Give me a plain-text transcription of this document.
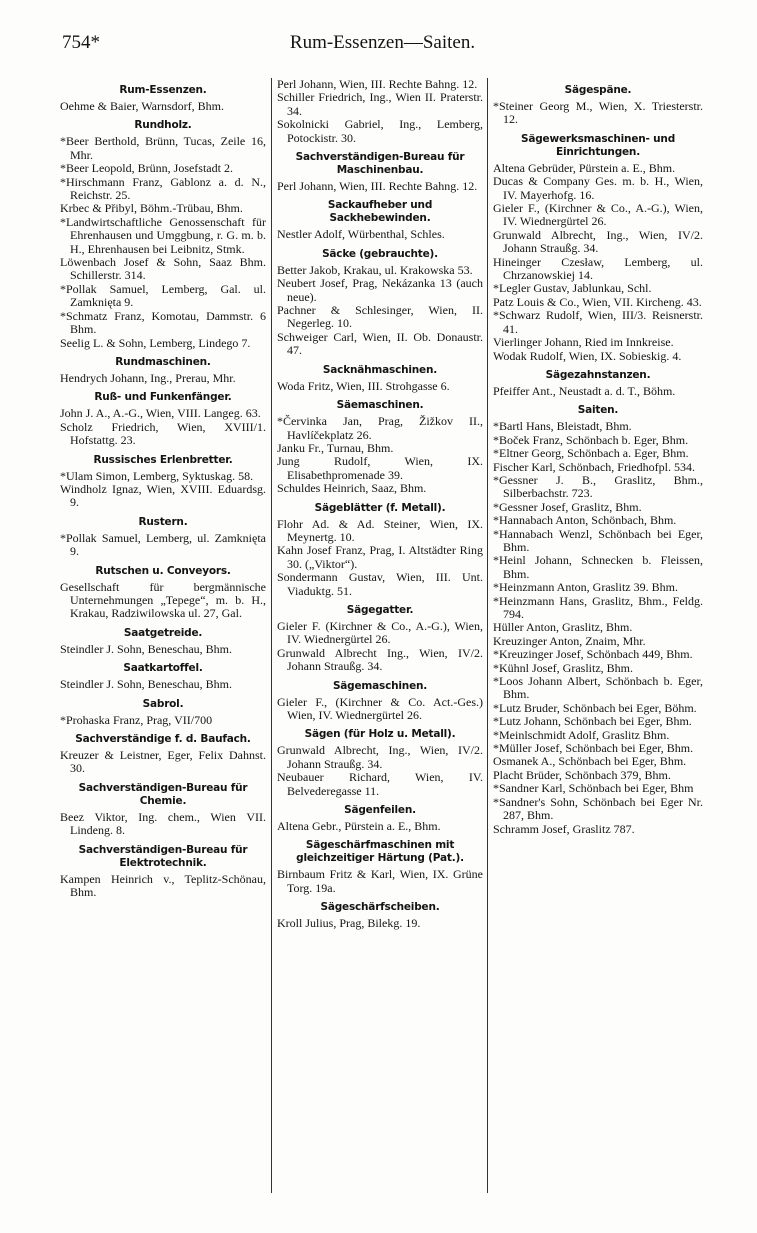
754*	Rum-Essenzen—Saiten.
Rum-Essenzen.
Oehme & Baier, Warnsdorf, Bhm.
Rundholz.
*Beer Berthold, Brünn, Tucas, Zeile 16, Mhr.
*Beer Leopold, Brünn, Josefstadt 2.
*Hirschmann Franz, Gablonz a. d. N., Reichstr. 25.
Krbec & Přibyl, Böhm.-Trübau, Bhm.
*Landwirtschaftliche Genossenschaft für Ehrenhausen und Umggbung, r. G. m. b. H., Ehrenhausen bei Leibnitz, Stmk.
Löwenbach Josef & Sohn, Saaz Bhm. Schillerstr. 314.
*Pollak Samuel, Lemberg, Gal. ul. Zamknięta 9.
*Schmatz Franz, Komotau, Dammstr. 6 Bhm.
Seelig L. & Sohn, Lemberg, Lindego 7.
Rundmaschinen.
Hendrych Johann, Ing., Prerau, Mhr.
Ruß- und Funkenfänger.
John J. A., A.-G., Wien, VIII. Langeg. 63.
Scholz Friedrich, Wien, XVIII/1. Hofstattg. 23.
Russisches Erlenbretter.
*Ulam Simon, Lemberg, Syktuskag. 58.
Windholz Ignaz, Wien, XVIII. Eduardsg. 9.
Rustern.
*Pollak Samuel, Lemberg, ul. Zamknięta 9.
Rutschen u. Conveyors.
Gesellschaft für bergmännische Unternehmungen „Tepege“, m. b. H., Krakau, Radziwilowska ul. 27, Gal.
Saatgetreide.
Steindler J. Sohn, Beneschau, Bhm.
Saatkartoffel.
Steindler J. Sohn, Beneschau, Bhm.
Sabrol.
*Prohaska Franz, Prag, VII/700
Sachverständige f. d. Baufach.
Kreuzer & Leistner, Eger, Felix Dahnst. 30.
Sachverständigen-Bureau für Chemie.
Beez Viktor, Ing. chem., Wien VII. Lindeng. 8.
Sachverständigen-Bureau für Elektrotechnik.
Kampen Heinrich v., Teplitz-Schönau, Bhm.
Perl Johann, Wien, III. Rechte Bahng. 12.
Schiller Friedrich, Ing., Wien II. Praterstr. 34.
Sokolnicki Gabriel, Ing., Lemberg, Potockistr. 30.
Sachverständigen-Bureau für Maschinenbau.
Perl Johann, Wien, III. Rechte Bahng. 12.
Sackaufheber und Sackhebewinden.
Nestler Adolf, Würbenthal, Schles.
Säcke (gebrauchte).
Better Jakob, Krakau, ul. Krakowska 53.
Neubert Josef, Prag, Nekázanka 13 (auch neue).
Pachner & Schlesinger, Wien, II. Negerleg. 10.
Schweiger Carl, Wien, II. Ob. Donaustr. 47.
Sacknähmaschinen.
Woda Fritz, Wien, III. Strohgasse 6.
Säemaschinen.
*Červinka Jan, Prag, Žižkov II., Havlíčekplatz 26.
Janku Fr., Turnau, Bhm.
Jung Rudolf, Wien, IX. Elisabethpromenade 39.
Schuldes Heinrich, Saaz, Bhm.
Sägeblätter (f. Metall).
Flohr Ad. & Ad. Steiner, Wien, IX. Meynertg. 10.
Kahn Josef Franz, Prag, I. Altstädter Ring 30. („Viktor“).
Sondermann Gustav, Wien, III. Unt. Viaduktg. 51.
Sägegatter.
Gieler F. (Kirchner & Co., A.-G.), Wien, IV. Wiednergürtel 26.
Grunwald Albrecht Ing., Wien, IV/2. Johann Straußg. 34.
Sägemaschinen.
Gieler F., (Kirchner & Co. Act.-Ges.) Wien, IV. Wiednergürtel 26.
Sägen (für Holz u. Metall).
Grunwald Albrecht, Ing., Wien, IV/2. Johann Straußg. 34.
Neubauer Richard, Wien, IV. Belvederegasse 11.
Sägenfeilen.
Altena Gebr., Pürstein a. E., Bhm.
Sägeschärfmaschinen mit gleichzeitiger Härtung (Pat.).
Birnbaum Fritz & Karl, Wien, IX. Grüne Torg. 19a.
Sägeschärfscheiben.
Kroll Julius, Prag, Bilekg. 19.
Sägespäne.
*Steiner Georg M., Wien, X. Triesterstr. 12.
Sägewerksmaschinen- und Einrichtungen.
Altena Gebrüder, Pürstein a. E., Bhm.
Ducas & Company Ges. m. b. H., Wien, IV. Mayerhofg. 16.
Gieler F., (Kirchner & Co., A.-G.), Wien, IV. Wiednergürtel 26.
Grunwald Albrecht, Ing., Wien, IV/2. Johann Straußg. 34.
Hineinger Czesław, Lemberg, ul. Chrzanowskiej 14.
*Legler Gustav, Jablunkau, Schl.
Patz Louis & Co., Wien, VII. Kircheng. 43.
*Schwarz Rudolf, Wien, III/3. Reisnerstr. 41.
Vierlinger Johann, Ried im Innkreise.
Wodak Rudolf, Wien, IX. Sobieskig. 4.
Sägezahnstanzen.
Pfeiffer Ant., Neustadt a. d. T., Böhm.
Saiten.
*Bartl Hans, Bleistadt, Bhm.
*Boček Franz, Schönbach b. Eger, Bhm.
*Eltner Georg, Schönbach a. Eger, Bhm.
Fischer Karl, Schönbach, Friedhofpl. 534.
*Gessner J. B., Graslitz, Bhm., Silberbachstr. 723.
*Gessner Josef, Graslitz, Bhm.
*Hannabach Anton, Schönbach, Bhm.
*Hannabach Wenzl, Schönbach bei Eger, Bhm.
*Heinl Johann, Schnecken b. Fleissen, Bhm.
*Heinzmann Anton, Graslitz 39. Bhm.
*Heinzmann Hans, Graslitz, Bhm., Feldg. 794.
Hüller Anton, Graslitz, Bhm.
Kreuzinger Anton, Znaim, Mhr.
*Kreuzinger Josef, Schönbach 449, Bhm.
*Kühnl Josef, Graslitz, Bhm.
*Loos Johann Albert, Schönbach b. Eger, Bhm.
*Lutz Bruder, Schönbach bei Eger, Böhm.
*Lutz Johann, Schönbach bei Eger, Bhm.
*Meinlschmidt Adolf, Graslitz Bhm.
*Müller Josef, Schönbach bei Eger, Bhm.
Osmanek A., Schönbach bei Eger, Bhm.
Placht Brüder, Schönbach 379, Bhm.
*Sandner Karl, Schönbach bei Eger, Bhm
*Sandner's Sohn, Schönbach bei Eger Nr. 287, Bhm.
Schramm Josef, Graslitz 787.
